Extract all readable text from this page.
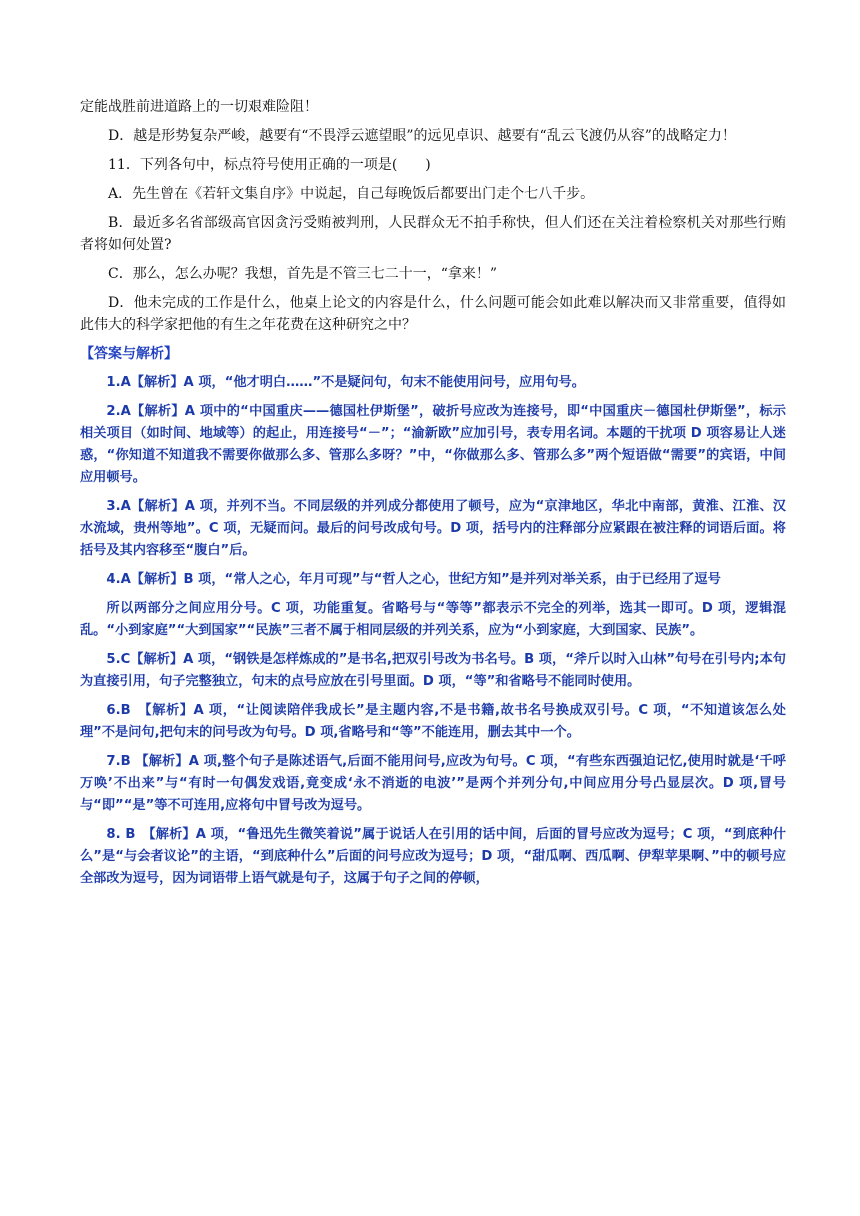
定能战胜前进道路上的一切艰难险阻！

D．越是形势复杂严峻，越要有“不畏浮云遮望眼”的远见卓识、越要有“乱云飞渡仍从容”的战略定力！

11．下列各句中，标点符号使用正确的一项是(　　)

A．先生曾在《若轩文集自序》中说起，自己每晚饭后都要出门走个七八千步。

B．最近多名省部级高官因贪污受贿被判刑，人民群众无不拍手称快，但人们还在关注着检察机关对那些行贿者将如何处置?

C．那么，怎么办呢？我想，首先是不管三七二十一，“拿来！”

D．他未完成的工作是什么，他桌上论文的内容是什么，什么问题可能会如此难以解决而又非常重要，值得如此伟大的科学家把他的有生之年花费在这种研究之中？

【答案与解析】

1.A【解析】A 项，“他才明白……”不是疑问句，句末不能使用问号，应用句号。

2.A【解析】A 项中的“中国重庆——德国杜伊斯堡”，破折号应改为连接号，即“中国重庆－德国杜伊斯堡”，标示相关项目（如时间、地域等）的起止，用连接号“－”；“渝新欧”应加引号，表专用名词。本题的干扰项 D 项容易让人迷惑，“你知道不知道我不需要你做那么多、管那么多呀？”中，“你做那么多、管那么多”两个短语做“需要”的宾语，中间应用顿号。

3.A【解析】A 项，并列不当。不同层级的并列成分都使用了顿号，应为“京津地区，华北中南部，黄淮、江淮、汉水流域，贵州等地”。C 项，无疑而问。最后的问号改成句号。D 项，括号内的注释部分应紧跟在被注释的词语后面。将括号及其内容移至“腹白”后。

4.A【解析】B 项，“常人之心，年月可现”与“哲人之心，世纪方知”是并列对举关系，由于已经用了逗号

所以两部分之间应用分号。C 项，功能重复。省略号与“等等”都表示不完全的列举，选其一即可。D 项，逻辑混乱。“小到家庭”“大到国家”“民族”三者不属于相同层级的并列关系，应为“小到家庭，大到国家、民族”。

5.C【解析】A 项，“钢铁是怎样炼成的”是书名,把双引号改为书名号。B 项，“斧斤以时入山林”句号在引号内;本句为直接引用，句子完整独立，句末的点号应放在引号里面。D 项，“等”和省略号不能同时使用。

6.B　【解析】A 项，“让阅读陪伴我成长”是主题内容,不是书籍,故书名号换成双引号。C 项，“不知道该怎么处理”不是问句,把句末的问号改为句号。D 项,省略号和“等”不能连用，删去其中一个。

7.B 【解析】A 项,整个句子是陈述语气,后面不能用问号,应改为句号。C 项，“有些东西强迫记忆,使用时就是‘千呼万唤’不出来”与“有时一句偶发戏语,竟变成‘永不消逝的电波’”是两个并列分句,中间应用分号凸显层次。D 项,冒号与“即”“是”等不可连用,应将句中冒号改为逗号。

8. B　【解析】A 项，“鲁迅先生微笑着说”属于说话人在引用的话中间，后面的冒号应改为逗号；C 项，“到底种什么”是“与会者议论”的主语，“到底种什么”后面的问号应改为逗号；D 项，“甜瓜啊、西瓜啊、伊犁苹果啊、”中的顿号应全部改为逗号，因为词语带上语气就是句子，这属于句子之间的停顿，
